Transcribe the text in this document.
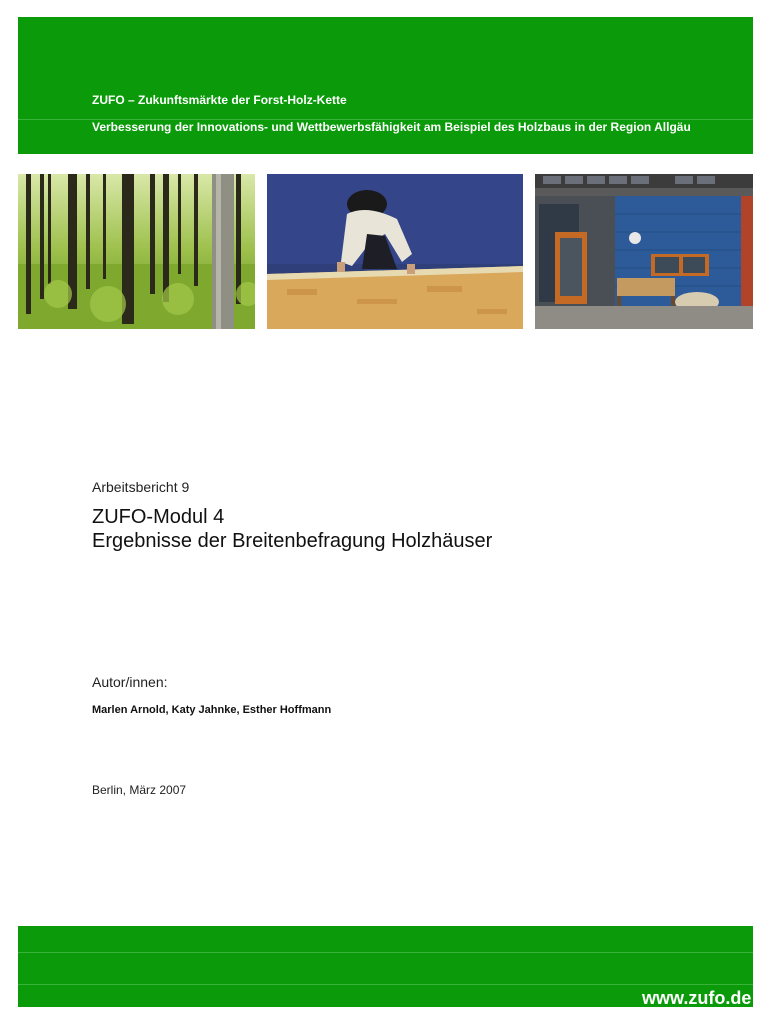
ZUFO – Zukunftsmärkte der Forst-Holz-Kette
Verbesserung der Innovations- und Wettbewerbsfähigkeit am Beispiel des Holzbaus in der Region Allgäu
Arbeitsbericht 9
ZUFO-Modul 4
Ergebnisse der Breitenbefragung Holzhäuser
Autor/innen:
Marlen Arnold, Katy Jahnke, Esther Hoffmann
Berlin, März 2007
www.zufo.de
